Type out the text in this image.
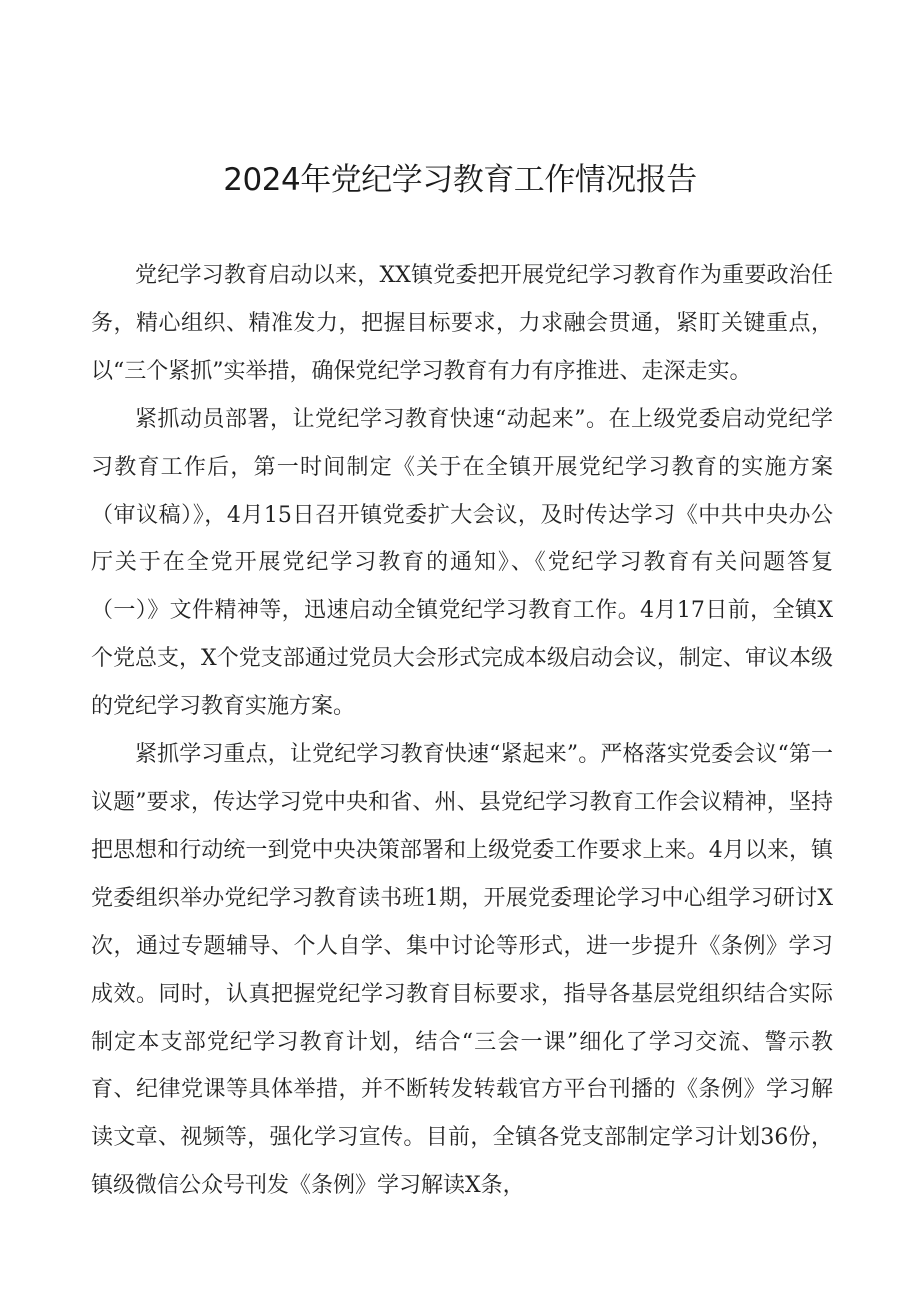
2024年党纪学习教育工作情况报告

党纪学习教育启动以来，XX镇党委把开展党纪学习教育作为重要政治任务，精心组织、精准发力，把握目标要求，力求融会贯通，紧盯关键重点，以“三个紧抓”实举措，确保党纪学习教育有力有序推进、走深走实。

紧抓动员部署，让党纪学习教育快速“动起来”。在上级党委启动党纪学习教育工作后，第一时间制定《关于在全镇开展党纪学习教育的实施方案（审议稿）》，4月15日召开镇党委扩大会议，及时传达学习《中共中央办公厅关于在全党开展党纪学习教育的通知》、《党纪学习教育有关问题答复（一）》文件精神等，迅速启动全镇党纪学习教育工作。4月17日前，全镇X个党总支，X个党支部通过党员大会形式完成本级启动会议，制定、审议本级的党纪学习教育实施方案。

紧抓学习重点，让党纪学习教育快速“紧起来”。严格落实党委会议“第一议题”要求，传达学习党中央和省、州、县党纪学习教育工作会议精神，坚持把思想和行动统一到党中央决策部署和上级党委工作要求上来。4月以来，镇党委组织举办党纪学习教育读书班1期，开展党委理论学习中心组学习研讨X次，通过专题辅导、个人自学、集中讨论等形式，进一步提升《条例》学习成效。同时，认真把握党纪学习教育目标要求，指导各基层党组织结合实际制定本支部党纪学习教育计划，结合“三会一课”细化了学习交流、警示教育、纪律党课等具体举措，并不断转发转载官方平台刊播的《条例》学习解读文章、视频等，强化学习宣传。目前，全镇各党支部制定学习计划36份，镇级微信公众号刊发《条例》学习解读X条，
